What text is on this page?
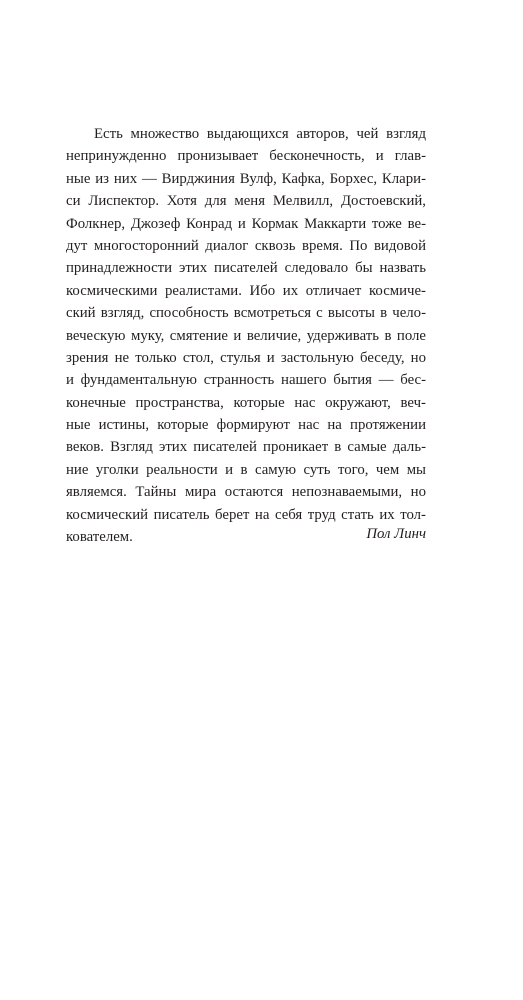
Есть множество выдающихся авторов, чей взгляд
непринужденно пронизывает бесконечность, и глав-
ные из них — Вирджиния Вулф, Кафка, Борхес, Клари-
си Лиспектор. Хотя для меня Мелвилл, Достоевский,
Фолкнер, Джозеф Конрад и Кормак Маккарти тоже ве-
дут многосторонний диалог сквозь время. По видовой
принадлежности этих писателей следовало бы назвать
космическими реалистами. Ибо их отличает космиче-
ский взгляд, способность всмотреться с высоты в чело-
веческую муку, смятение и величие, удерживать в поле
зрения не только стол, стулья и застольную беседу, но
и фундаментальную странность нашего бытия — бес-
конечные пространства, которые нас окружают, веч-
ные истины, которые формируют нас на протяжении
веков. Взгляд этих писателей проникает в самые даль-
ние уголки реальности и в самую суть того, чем мы
являемся. Тайны мира остаются непознаваемыми, но
космический писатель берет на себя труд стать их тол-
кователем.	Пол Линч
